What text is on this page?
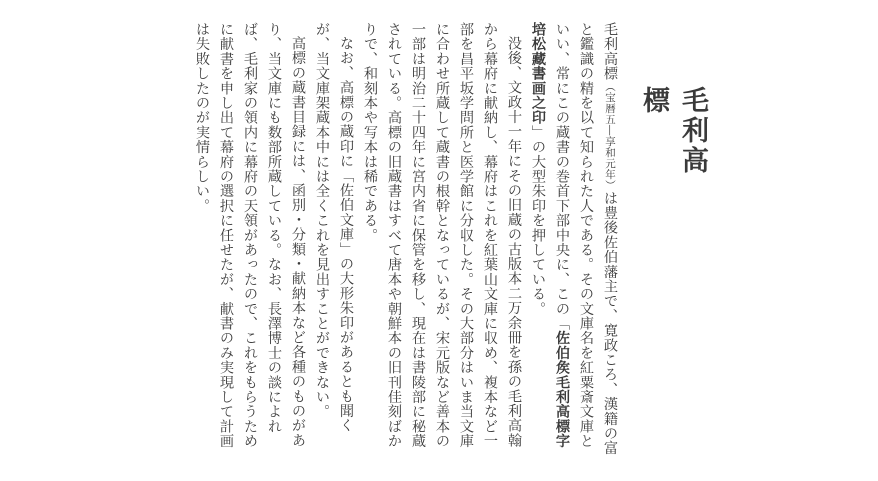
毛利高標

毛利高標（宝暦五―享和元年）は豊後佐伯藩主で、寛政ころ、漢籍の富と鑑識の精を以て知られた人である。その文庫名を紅粟斎文庫といい、常にこの蔵書の巻首下部中央に、この「佐伯矦毛利高標字培松藏書画之印」の大型朱印を押している。

没後、文政十一年にその旧蔵の古版本二万余冊を孫の毛利高翰から幕府に献納し、幕府はこれを紅葉山文庫に収め、複本など一部を昌平坂学問所と医学館に分収した。その大部分はいま当文庫に合わせ所蔵して蔵書の根幹となっているが、宋元版など善本の一部は明治二十四年に宮内省に保管を移し、現在は書陵部に秘蔵されている。高標の旧蔵書はすべて唐本や朝鮮本の旧刊佳刻ばかりで、和刻本や写本は稀である。

なお、高標の蔵印に「佐伯文庫」の大形朱印があるとも聞くが、当文庫架蔵本中には全くこれを見出すことができない。

高標の蔵書目録には、函別・分類・献納本など各種のものがあり、当文庫にも数部所蔵している。なお、長澤博士の談によれば、毛利家の領内に幕府の天領があったので、これをもらうために献書を申し出て幕府の選択に任せたが、献書のみ実現して計画は失敗したのが実情らしい。
